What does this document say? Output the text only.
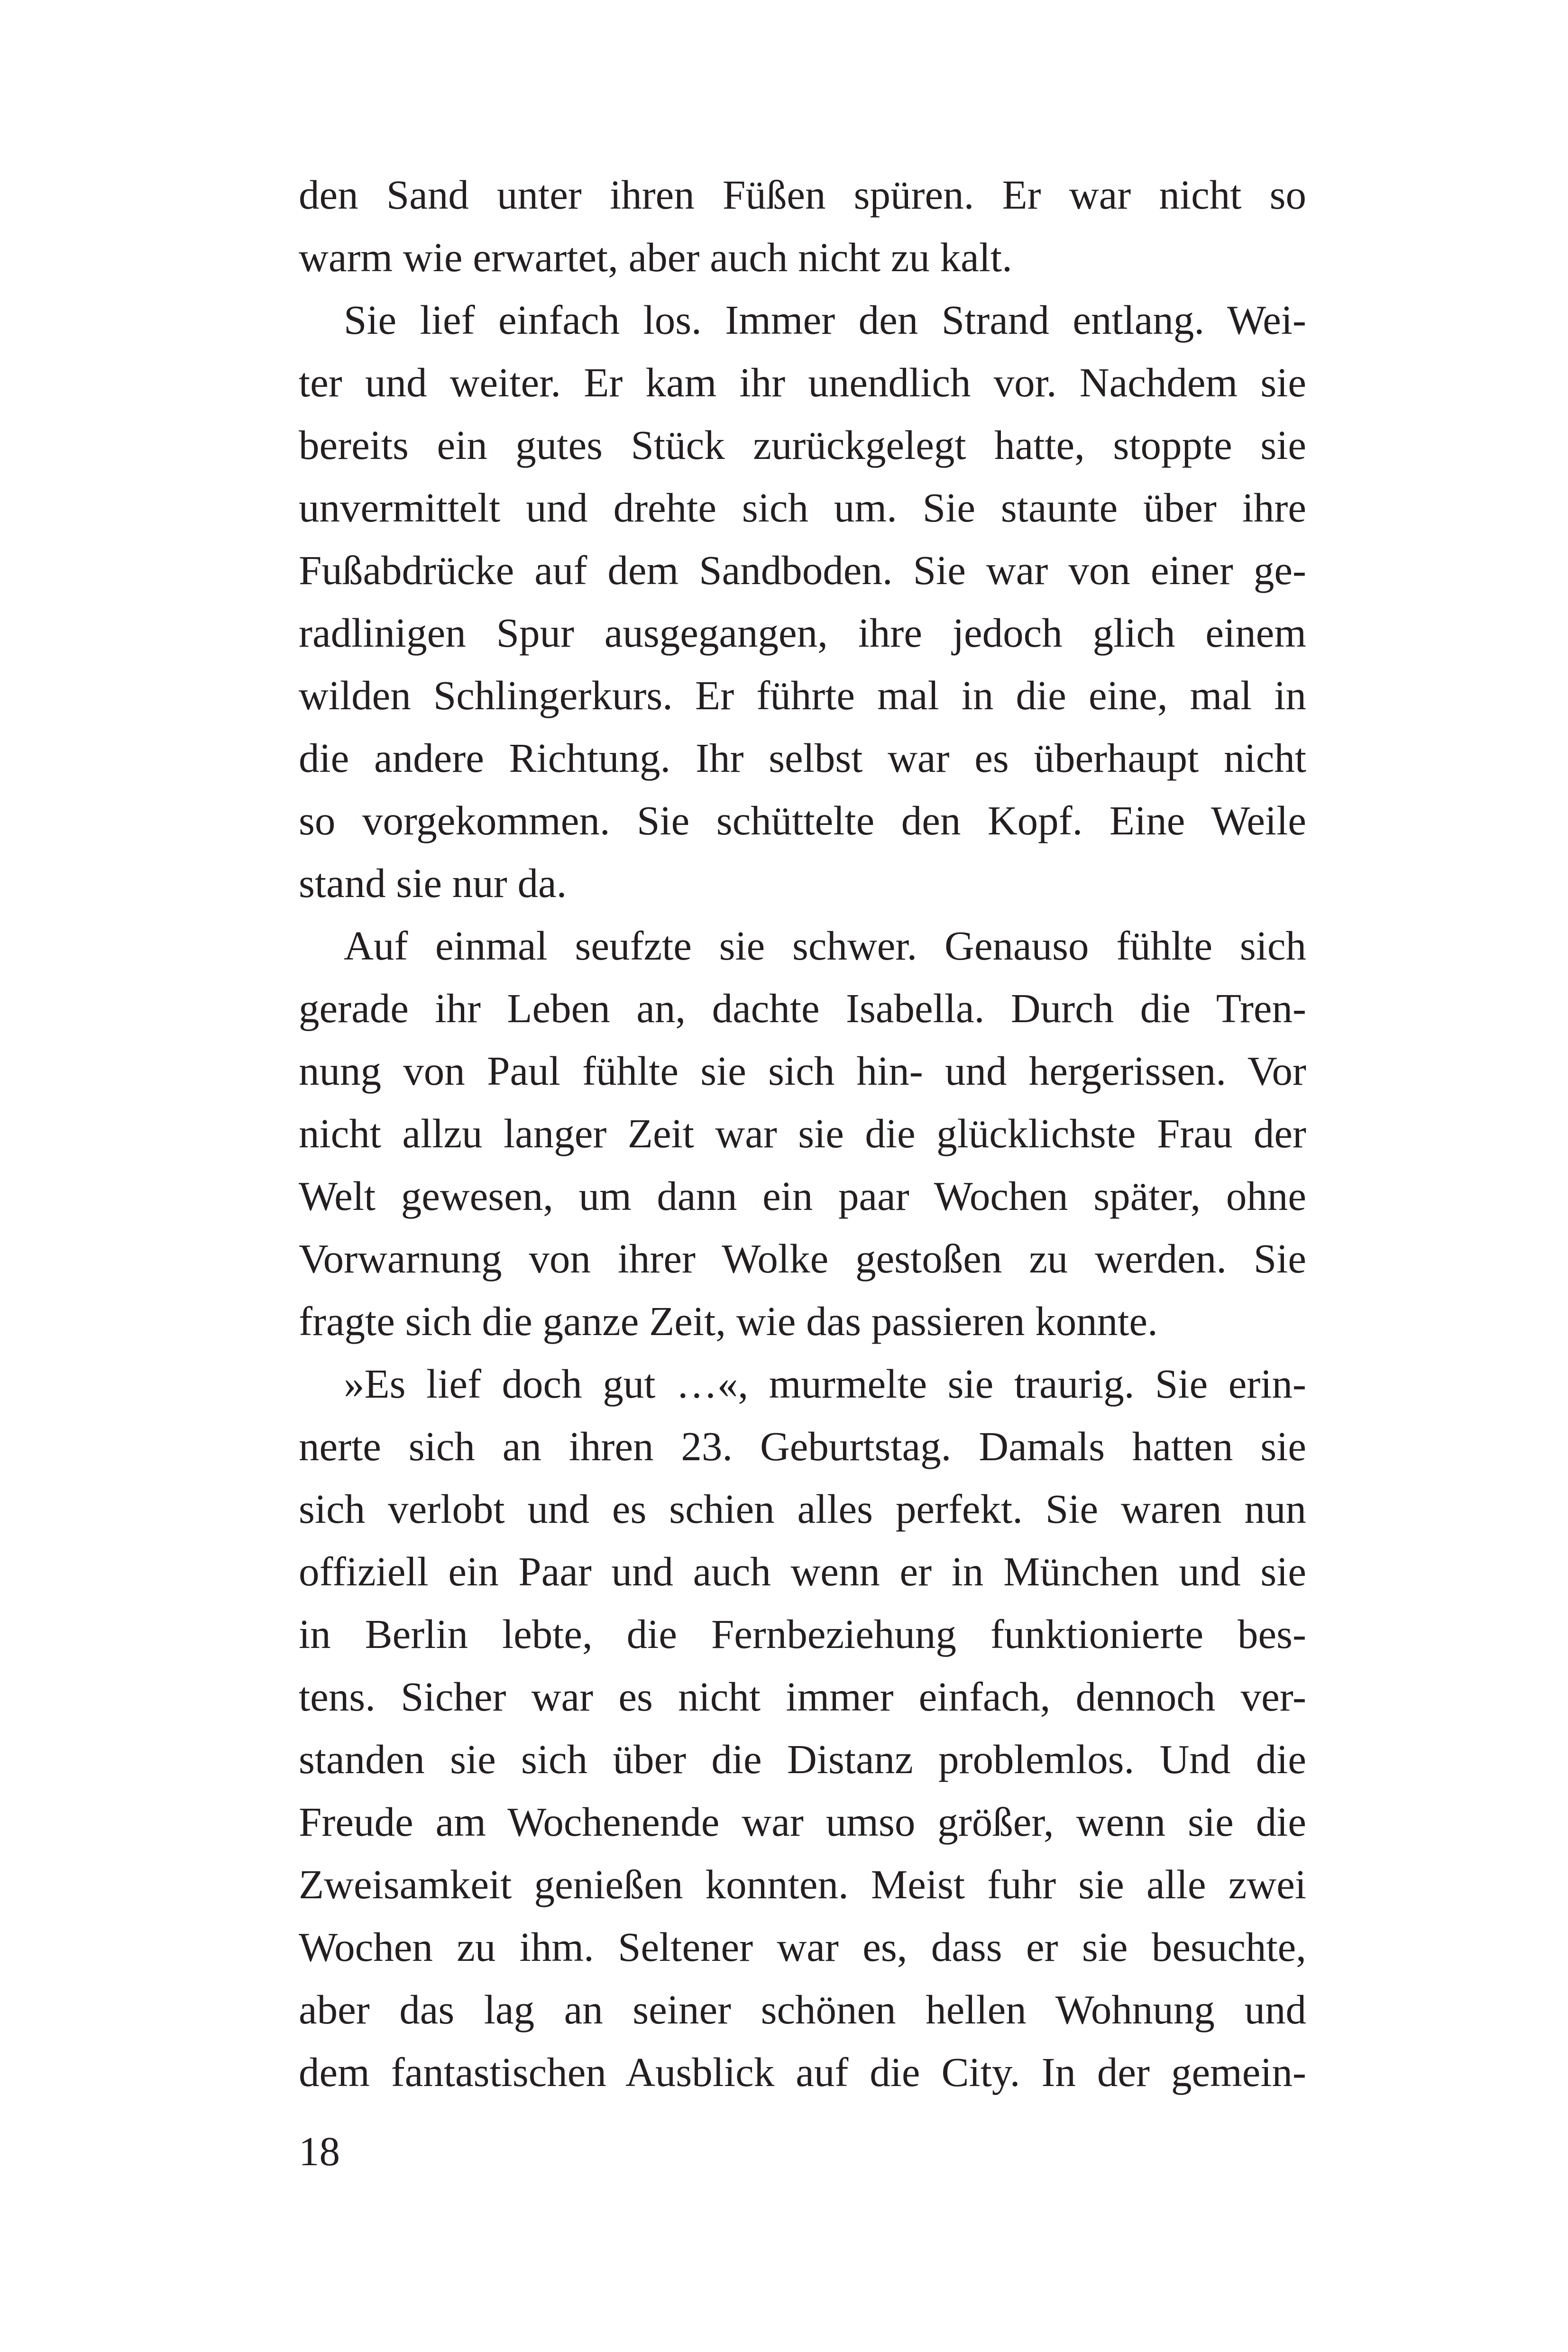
den Sand unter ihren Füßen spüren. Er war nicht so
warm wie erwartet, aber auch nicht zu kalt.
Sie lief einfach los. Immer den Strand entlang. Wei-
ter und weiter. Er kam ihr unendlich vor. Nachdem sie
bereits ein gutes Stück zurückgelegt hatte, stoppte sie
unvermittelt und drehte sich um. Sie staunte über ihre
Fußabdrücke auf dem Sandboden. Sie war von einer ge-
radlinigen Spur ausgegangen, ihre jedoch glich einem
wilden Schlingerkurs. Er führte mal in die eine, mal in
die andere Richtung. Ihr selbst war es überhaupt nicht
so vorgekommen. Sie schüttelte den Kopf. Eine Weile
stand sie nur da.
Auf einmal seufzte sie schwer. Genauso fühlte sich
gerade ihr Leben an, dachte Isabella. Durch die Tren-
nung von Paul fühlte sie sich hin- und hergerissen. Vor
nicht allzu langer Zeit war sie die glücklichste Frau der
Welt gewesen, um dann ein paar Wochen später, ohne
Vorwarnung von ihrer Wolke gestoßen zu werden. Sie
fragte sich die ganze Zeit, wie das passieren konnte.
»Es lief doch gut …«, murmelte sie traurig. Sie erin-
nerte sich an ihren 23. Geburtstag. Damals hatten sie
sich verlobt und es schien alles perfekt. Sie waren nun
offiziell ein Paar und auch wenn er in München und sie
in Berlin lebte, die Fernbeziehung funktionierte bes-
tens. Sicher war es nicht immer einfach, dennoch ver-
standen sie sich über die Distanz problemlos. Und die
Freude am Wochenende war umso größer, wenn sie die
Zweisamkeit genießen konnten. Meist fuhr sie alle zwei
Wochen zu ihm. Seltener war es, dass er sie besuchte,
aber das lag an seiner schönen hellen Wohnung und
dem fantastischen Ausblick auf die City. In der gemein-
18
